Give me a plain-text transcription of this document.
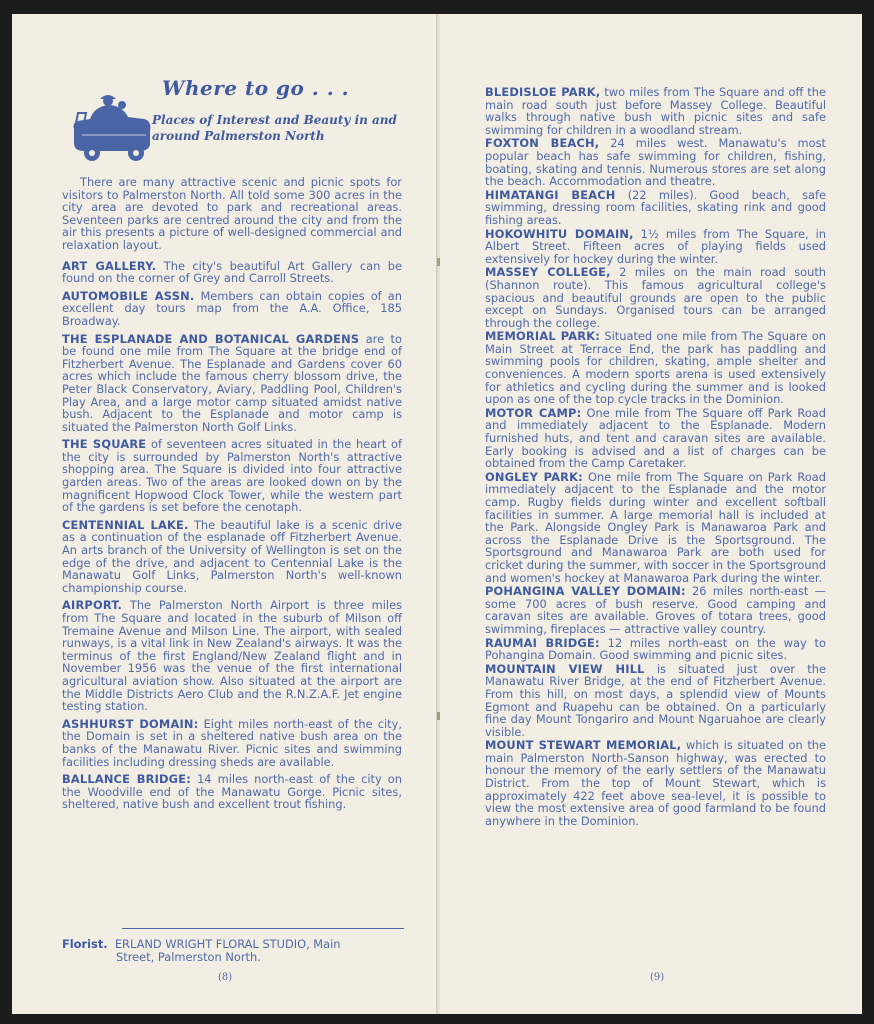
Where to go . . .
Places of Interest and Beauty in and around Palmerston North

There are many attractive scenic and picnic spots for visitors to Palmerston North. All told some 300 acres in the city area are devoted to park and recreational areas. Seventeen parks are centred around the city and from the air this presents a picture of well-designed commercial and relaxation layout.

ART GALLERY. The city's beautiful Art Gallery can be found on the corner of Grey and Carroll Streets.

AUTOMOBILE ASSN. Members can obtain copies of an excellent day tours map from the A.A. Office, 185 Broadway.

THE ESPLANADE AND BOTANICAL GARDENS are to be found one mile from The Square at the bridge end of Fitzherbert Avenue. The Esplanade and Gardens cover 60 acres which include the famous cherry blossom drive, the Peter Black Conservatory, Aviary, Paddling Pool, Children's Play Area, and a large motor camp situated amidst native bush. Adjacent to the Esplanade and motor camp is situated the Palmerston North Golf Links.

THE SQUARE of seventeen acres situated in the heart of the city is surrounded by Palmerston North's attractive shopping area. The Square is divided into four attractive garden areas. Two of the areas are looked down on by the magnificent Hopwood Clock Tower, while the western part of the gardens is set before the cenotaph.

CENTENNIAL LAKE. The beautiful lake is a scenic drive as a continuation of the esplanade off Fitzherbert Avenue. An arts branch of the University of Wellington is set on the edge of the drive, and adjacent to Centennial Lake is the Manawatu Golf Links, Palmerston North's well-known championship course.

AIRPORT. The Palmerston North Airport is three miles from The Square and located in the suburb of Milson off Tremaine Avenue and Milson Line. The airport, with sealed runways, is a vital link in New Zealand's airways. It was the terminus of the first England/New Zealand flight and in November 1956 was the venue of the first international agricultural aviation show. Also situated at the airport are the Middle Districts Aero Club and the R.N.Z.A.F. Jet engine testing station.

ASHHURST DOMAIN: Eight miles north-east of the city, the Domain is set in a sheltered native bush area on the banks of the Manawatu River. Picnic sites and swimming facilities including dressing sheds are available.

BALLANCE BRIDGE: 14 miles north-east of the city on the Woodville end of the Manawatu Gorge. Picnic sites, sheltered, native bush and excellent trout fishing.

Florist. ERLAND WRIGHT FLORAL STUDIO, Main
Street, Palmerston North.
(8)

BLEDISLOE PARK, two miles from The Square and off the main road south just before Massey College. Beautiful walks through native bush with picnic sites and safe swimming for children in a woodland stream.

FOXTON BEACH, 24 miles west. Manawatu's most popular beach has safe swimming for children, fishing, boating, skating and tennis. Numerous stores are set along the beach. Accommodation and theatre.

HIMATANGI BEACH (22 miles). Good beach, safe swimming, dressing room facilities, skating rink and good fishing areas.

HOKOWHITU DOMAIN, 1½ miles from The Square, in Albert Street. Fifteen acres of playing fields used extensively for hockey during the winter.

MASSEY COLLEGE, 2 miles on the main road south (Shannon route). This famous agricultural college's spacious and beautiful grounds are open to the public except on Sundays. Organised tours can be arranged through the college.

MEMORIAL PARK: Situated one mile from The Square on Main Street at Terrace End, the park has paddling and swimming pools for children, skating, ample shelter and conveniences. A modern sports arena is used extensively for athletics and cycling during the summer and is looked upon as one of the top cycle tracks in the Dominion.

MOTOR CAMP: One mile from The Square off Park Road and immediately adjacent to the Esplanade. Modern furnished huts, and tent and caravan sites are available. Early booking is advised and a list of charges can be obtained from the Camp Caretaker.

ONGLEY PARK: One mile from The Square on Park Road immediately adjacent to the Esplanade and the motor camp. Rugby fields during winter and excellent softball facilities in summer. A large memorial hall is included at the Park. Alongside Ongley Park is Manawaroa Park and across the Esplanade Drive is the Sportsground. The Sportsground and Manawaroa Park are both used for cricket during the summer, with soccer in the Sportsground and women's hockey at Manawaroa Park during the winter.

POHANGINA VALLEY DOMAIN: 26 miles north-east — some 700 acres of bush reserve. Good camping and caravan sites are available. Groves of totara trees, good swimming, fireplaces — attractive valley country.

RAUMAI BRIDGE: 12 miles north-east on the way to Pohangina Domain. Good swimming and picnic sites.

MOUNTAIN VIEW HILL is situated just over the Manawatu River Bridge, at the end of Fitzherbert Avenue. From this hill, on most days, a splendid view of Mounts Egmont and Ruapehu can be obtained. On a particularly fine day Mount Tongariro and Mount Ngaruahoe are clearly visible.

MOUNT STEWART MEMORIAL, which is situated on the main Palmerston North-Sanson highway, was erected to honour the memory of the early settlers of the Manawatu District. From the top of Mount Stewart, which is approximately 422 feet above sea-level, it is possible to view the most extensive area of good farmland to be found anywhere in the Dominion.

(9)
